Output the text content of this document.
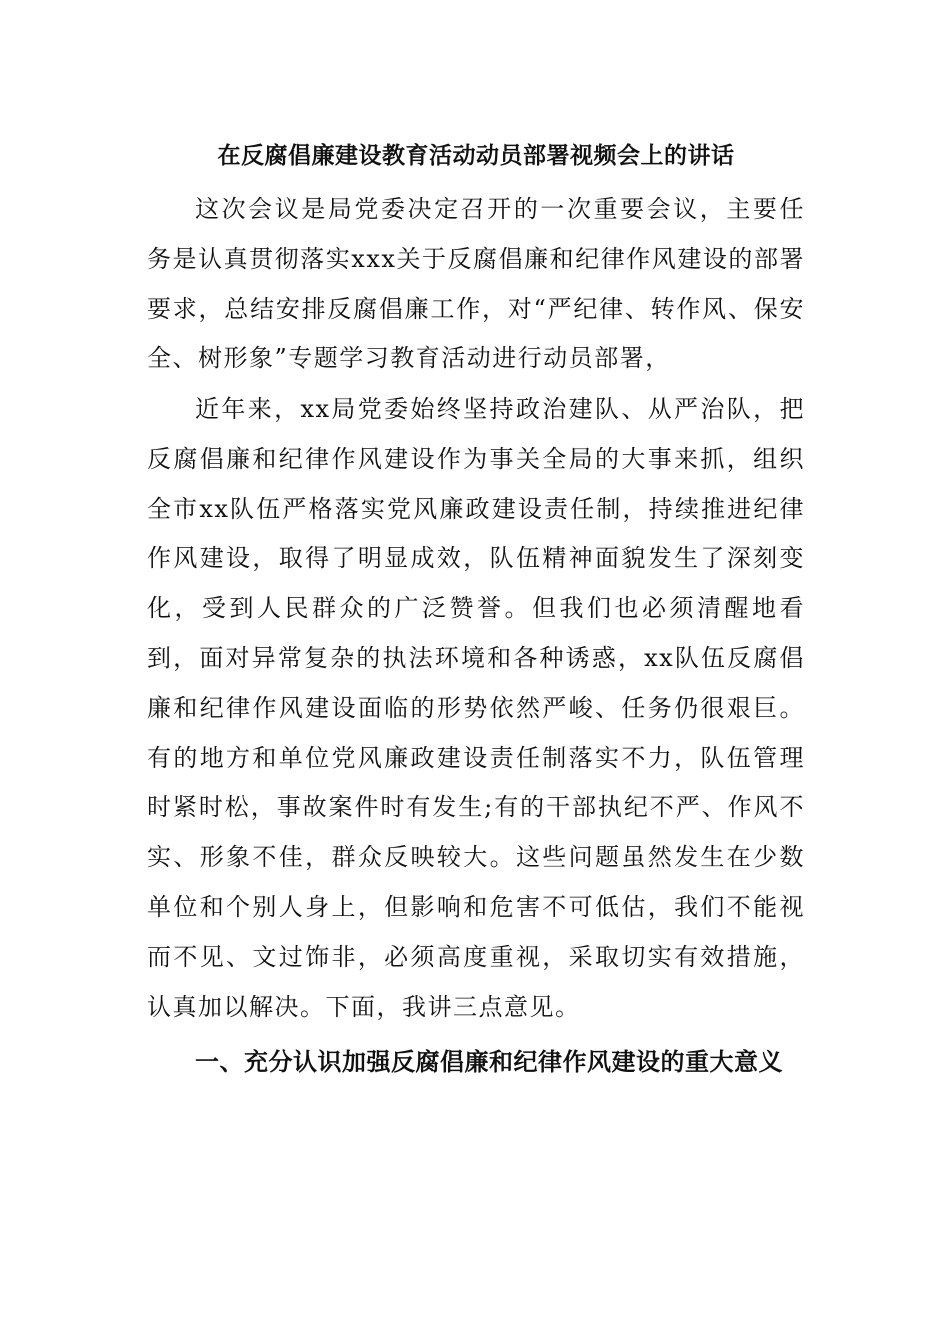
在反腐倡廉建设教育活动动员部署视频会上的讲话

这次会议是局党委决定召开的一次重要会议，主要任务是认真贯彻落实xxx关于反腐倡廉和纪律作风建设的部署要求，总结安排反腐倡廉工作，对“严纪律、转作风、保安全、树形象”专题学习教育活动进行动员部署，

近年来，xx局党委始终坚持政治建队、从严治队，把反腐倡廉和纪律作风建设作为事关全局的大事来抓，组织全市xx队伍严格落实党风廉政建设责任制，持续推进纪律作风建设，取得了明显成效，队伍精神面貌发生了深刻变化，受到人民群众的广泛赞誉。但我们也必须清醒地看到，面对异常复杂的执法环境和各种诱惑，xx队伍反腐倡廉和纪律作风建设面临的形势依然严峻、任务仍很艰巨。有的地方和单位党风廉政建设责任制落实不力，队伍管理时紧时松，事故案件时有发生;有的干部执纪不严、作风不实、形象不佳，群众反映较大。这些问题虽然发生在少数单位和个别人身上，但影响和危害不可低估，我们不能视而不见、文过饰非，必须高度重视，采取切实有效措施，认真加以解决。下面，我讲三点意见。

一、充分认识加强反腐倡廉和纪律作风建设的重大意义
